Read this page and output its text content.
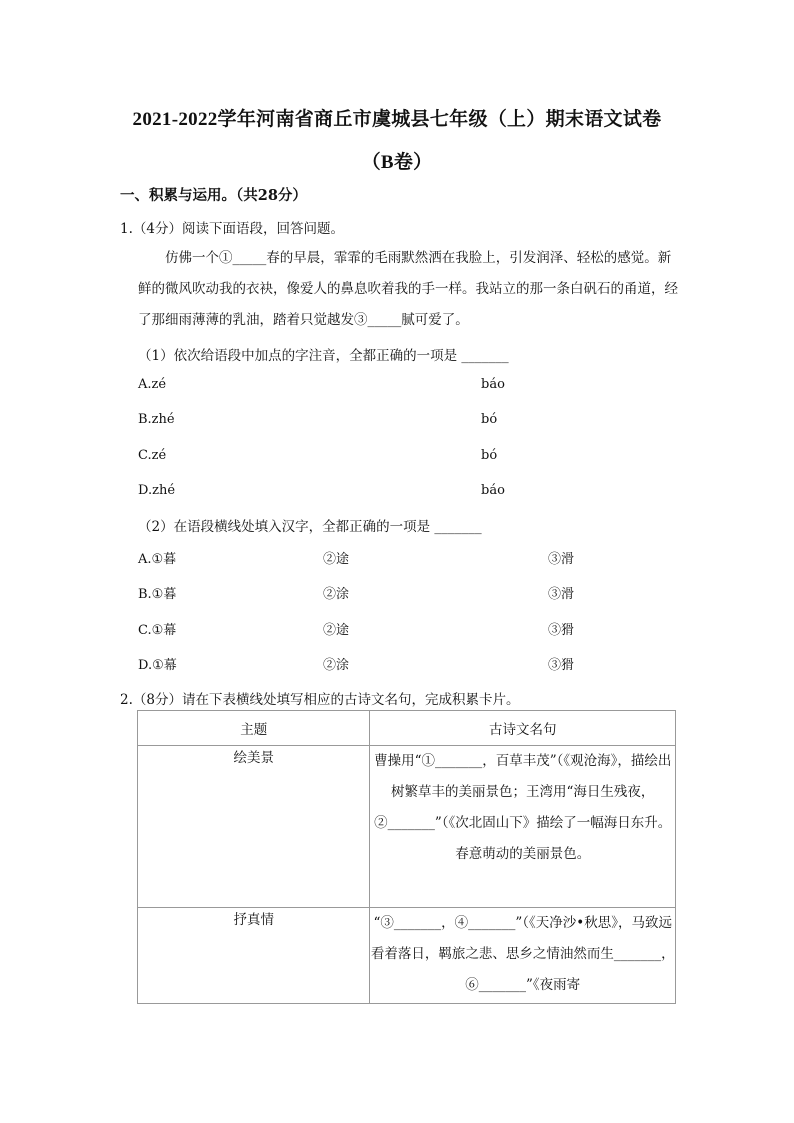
2021-2022学年河南省商丘市虞城县七年级（上）期末语文试卷
（B卷）
一、积累与运用。（共28分）
1.（4分）阅读下面语段，回答问题。
仿佛一个①_____春的早晨，霏霏的毛雨默然洒在我脸上，引发润泽、轻松的感觉。新鲜的微风吹动我的衣袂，像爱人的鼻息吹着我的手一样。我站立的那一条白矾石的甬道，经了那细雨薄薄的乳油，踏着只觉越发③_____腻可爱了。
（1）依次给语段中加点的字注音，全都正确的一项是 _______
A.zé	báo
B.zhé	bó
C.zé	bó
D.zhé	báo
（2）在语段横线处填入汉字，全都正确的一项是 _______
A.①暮	②途	③滑
B.①暮	②涂	③滑
C.①幕	②途	③猾
D.①幕	②涂	③猾
2.（8分）请在下表横线处填写相应的古诗文名句，完成积累卡片。
主题	古诗文名句
绘美景	曹操用“①_______，百草丰茂”（《观沧海》，描绘出树繁草丰的美丽景色；王湾用“海日生残夜，②_______”（《次北固山下》描绘了一幅海日东升。春意萌动的美丽景色。
抒真情	“③_______，④_______”（《天净沙•秋思》，马致远看着落日，羁旅之悲、思乡之情油然而生_______，⑥_______”《夜雨寄
